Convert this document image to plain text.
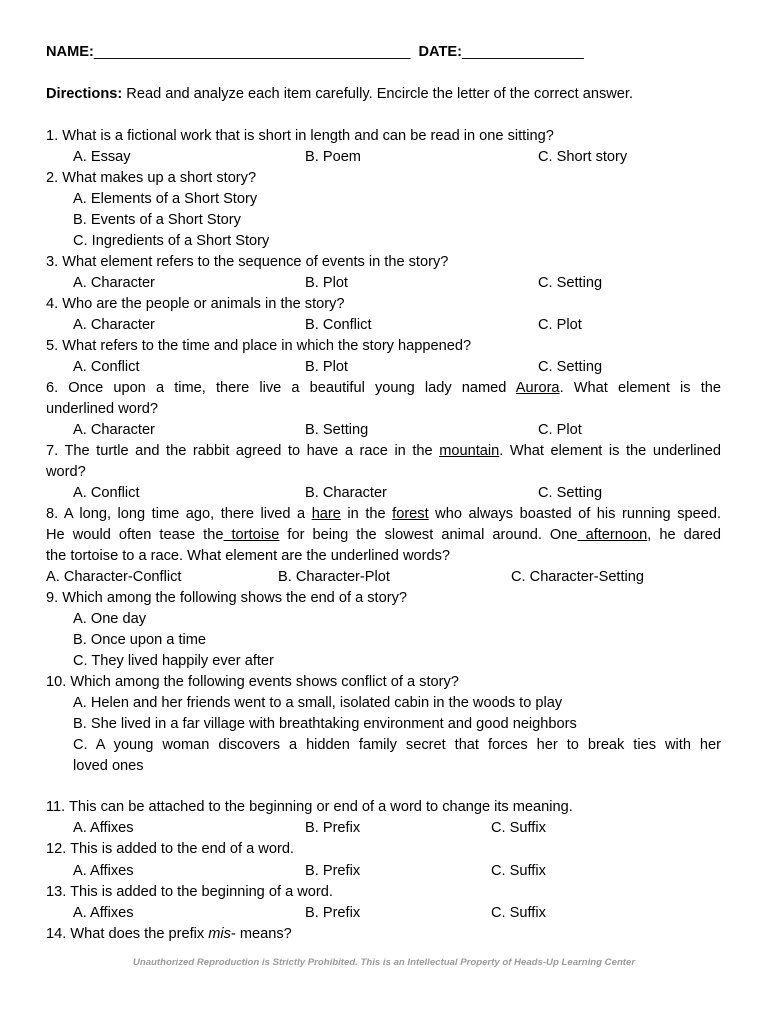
NAME:_______________________________________ DATE:_______________
Directions: Read and analyze each item carefully. Encircle the letter of the correct answer.
1. What is a fictional work that is short in length and can be read in one sitting?
A. Essay	B. Poem	C. Short story
2. What makes up a short story?
A. Elements of a Short Story
B. Events of a Short Story
C. Ingredients of a Short Story
3. What element refers to the sequence of events in the story?
A. Character	B. Plot	C. Setting
4. Who are the people or animals in the story?
A. Character	B. Conflict	C. Plot
5. What refers to the time and place in which the story happened?
A. Conflict	B. Plot	C. Setting
6. Once upon a time, there live a beautiful young lady named Aurora. What element is the
underlined word?
A. Character	B. Setting	C. Plot
7. The turtle and the rabbit agreed to have a race in the mountain. What element is the underlined
word?
A. Conflict	B. Character	C. Setting
8. A long, long time ago, there lived a hare in the forest who always boasted of his running speed.
He would often tease the tortoise for being the slowest animal around. One afternoon, he dared
the tortoise to a race. What element are the underlined words?
A. Character-Conflict	B. Character-Plot	C. Character-Setting
9. Which among the following shows the end of a story?
A. One day
B. Once upon a time
C. They lived happily ever after
10. Which among the following events shows conflict of a story?
A. Helen and her friends went to a small, isolated cabin in the woods to play
B. She lived in a far village with breathtaking environment and good neighbors
C. A young woman discovers a hidden family secret that forces her to break ties with her
loved ones
11. This can be attached to the beginning or end of a word to change its meaning.
A. Affixes	B. Prefix	C. Suffix
12. This is added to the end of a word.
A. Affixes	B. Prefix	C. Suffix
13. This is added to the beginning of a word.
A. Affixes	B. Prefix	C. Suffix
14. What does the prefix mis- means?
Unauthorized Reproduction is Strictly Prohibited. This is an Intellectual Property of Heads-Up Learning Center
